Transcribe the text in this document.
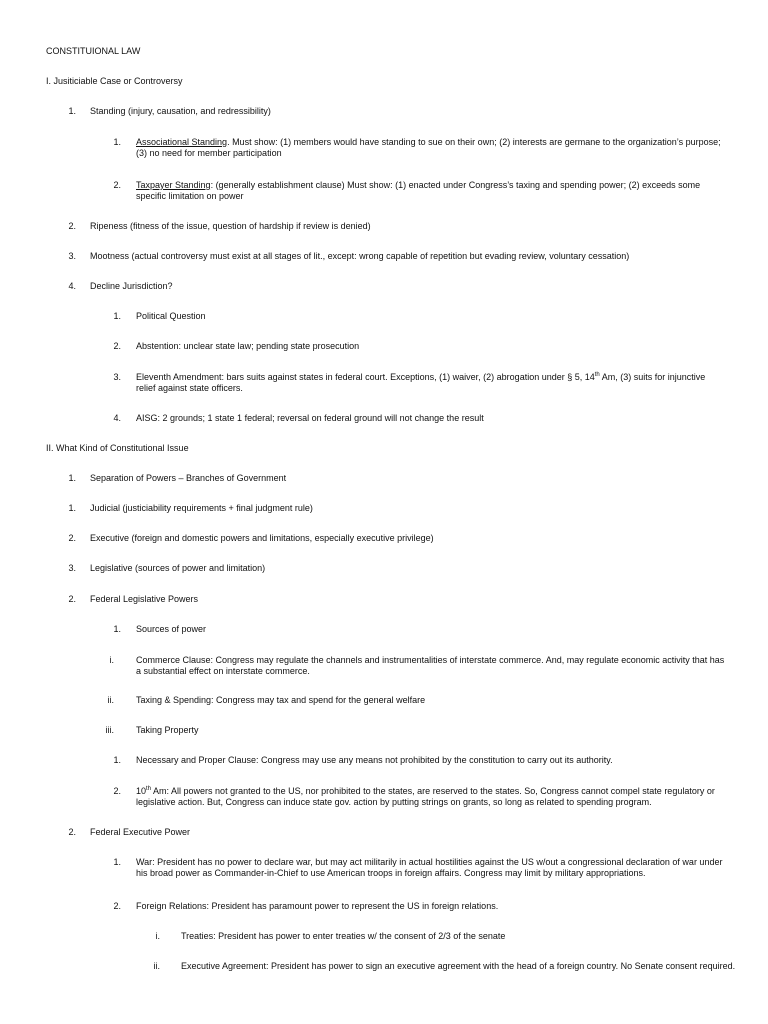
CONSTITUIONAL LAW
I. Jusiticiable Case or Controversy
1. Standing (injury, causation, and redressibility)
1. Associational Standing. Must show: (1) members would have standing to sue on their own; (2) interests are germane to the organization’s purpose; (3) no need for member participation
2. Taxpayer Standing: (generally establishment clause) Must show: (1) enacted under Congress’s taxing and spending power; (2) exceeds some specific limitation on power
2. Ripeness (fitness of the issue, question of hardship if review is denied)
3. Mootness (actual controversy must exist at all stages of lit., except: wrong capable of repetition but evading review, voluntary cessation)
4. Decline Jurisdiction?
1. Political Question
2. Abstention: unclear state law; pending state prosecution
3. Eleventh Amendment: bars suits against states in federal court. Exceptions, (1) waiver, (2) abrogation under § 5, 14th Am, (3) suits for injunctive relief against state officers.
4. AISG: 2 grounds; 1 state 1 federal; reversal on federal ground will not change the result
II. What Kind of Constitutional Issue
1. Separation of Powers – Branches of Government
1. Judicial (justiciability requirements + final judgment rule)
2. Executive (foreign and domestic powers and limitations, especially executive privilege)
3. Legislative (sources of power and limitation)
2. Federal Legislative Powers
1. Sources of power
i. Commerce Clause: Congress may regulate the channels and instrumentalities of interstate commerce. And, may regulate economic activity that has a substantial effect on interstate commerce.
ii. Taxing & Spending: Congress may tax and spend for the general welfare
iii. Taking Property
1. Necessary and Proper Clause: Congress may use any means not prohibited by the constitution to carry out its authority.
2. 10th Am: All powers not granted to the US, nor prohibited to the states, are reserved to the states. So, Congress cannot compel state regulatory or legislative action. But, Congress can induce state gov. action by putting strings on grants, so long as related to spending program.
2. Federal Executive Power
1. War: President has no power to declare war, but may act militarily in actual hostilities against the US w/out a congressional declaration of war under his broad power as Commander-in-Chief to use American troops in foreign affairs. Congress may limit by military appropriations.
2. Foreign Relations: President has paramount power to represent the US in foreign relations.
i. Treaties: President has power to enter treaties w/ the consent of 2/3 of the senate
ii. Executive Agreement: President has power to sign an executive agreement with the head of a foreign country. No Senate consent required.
